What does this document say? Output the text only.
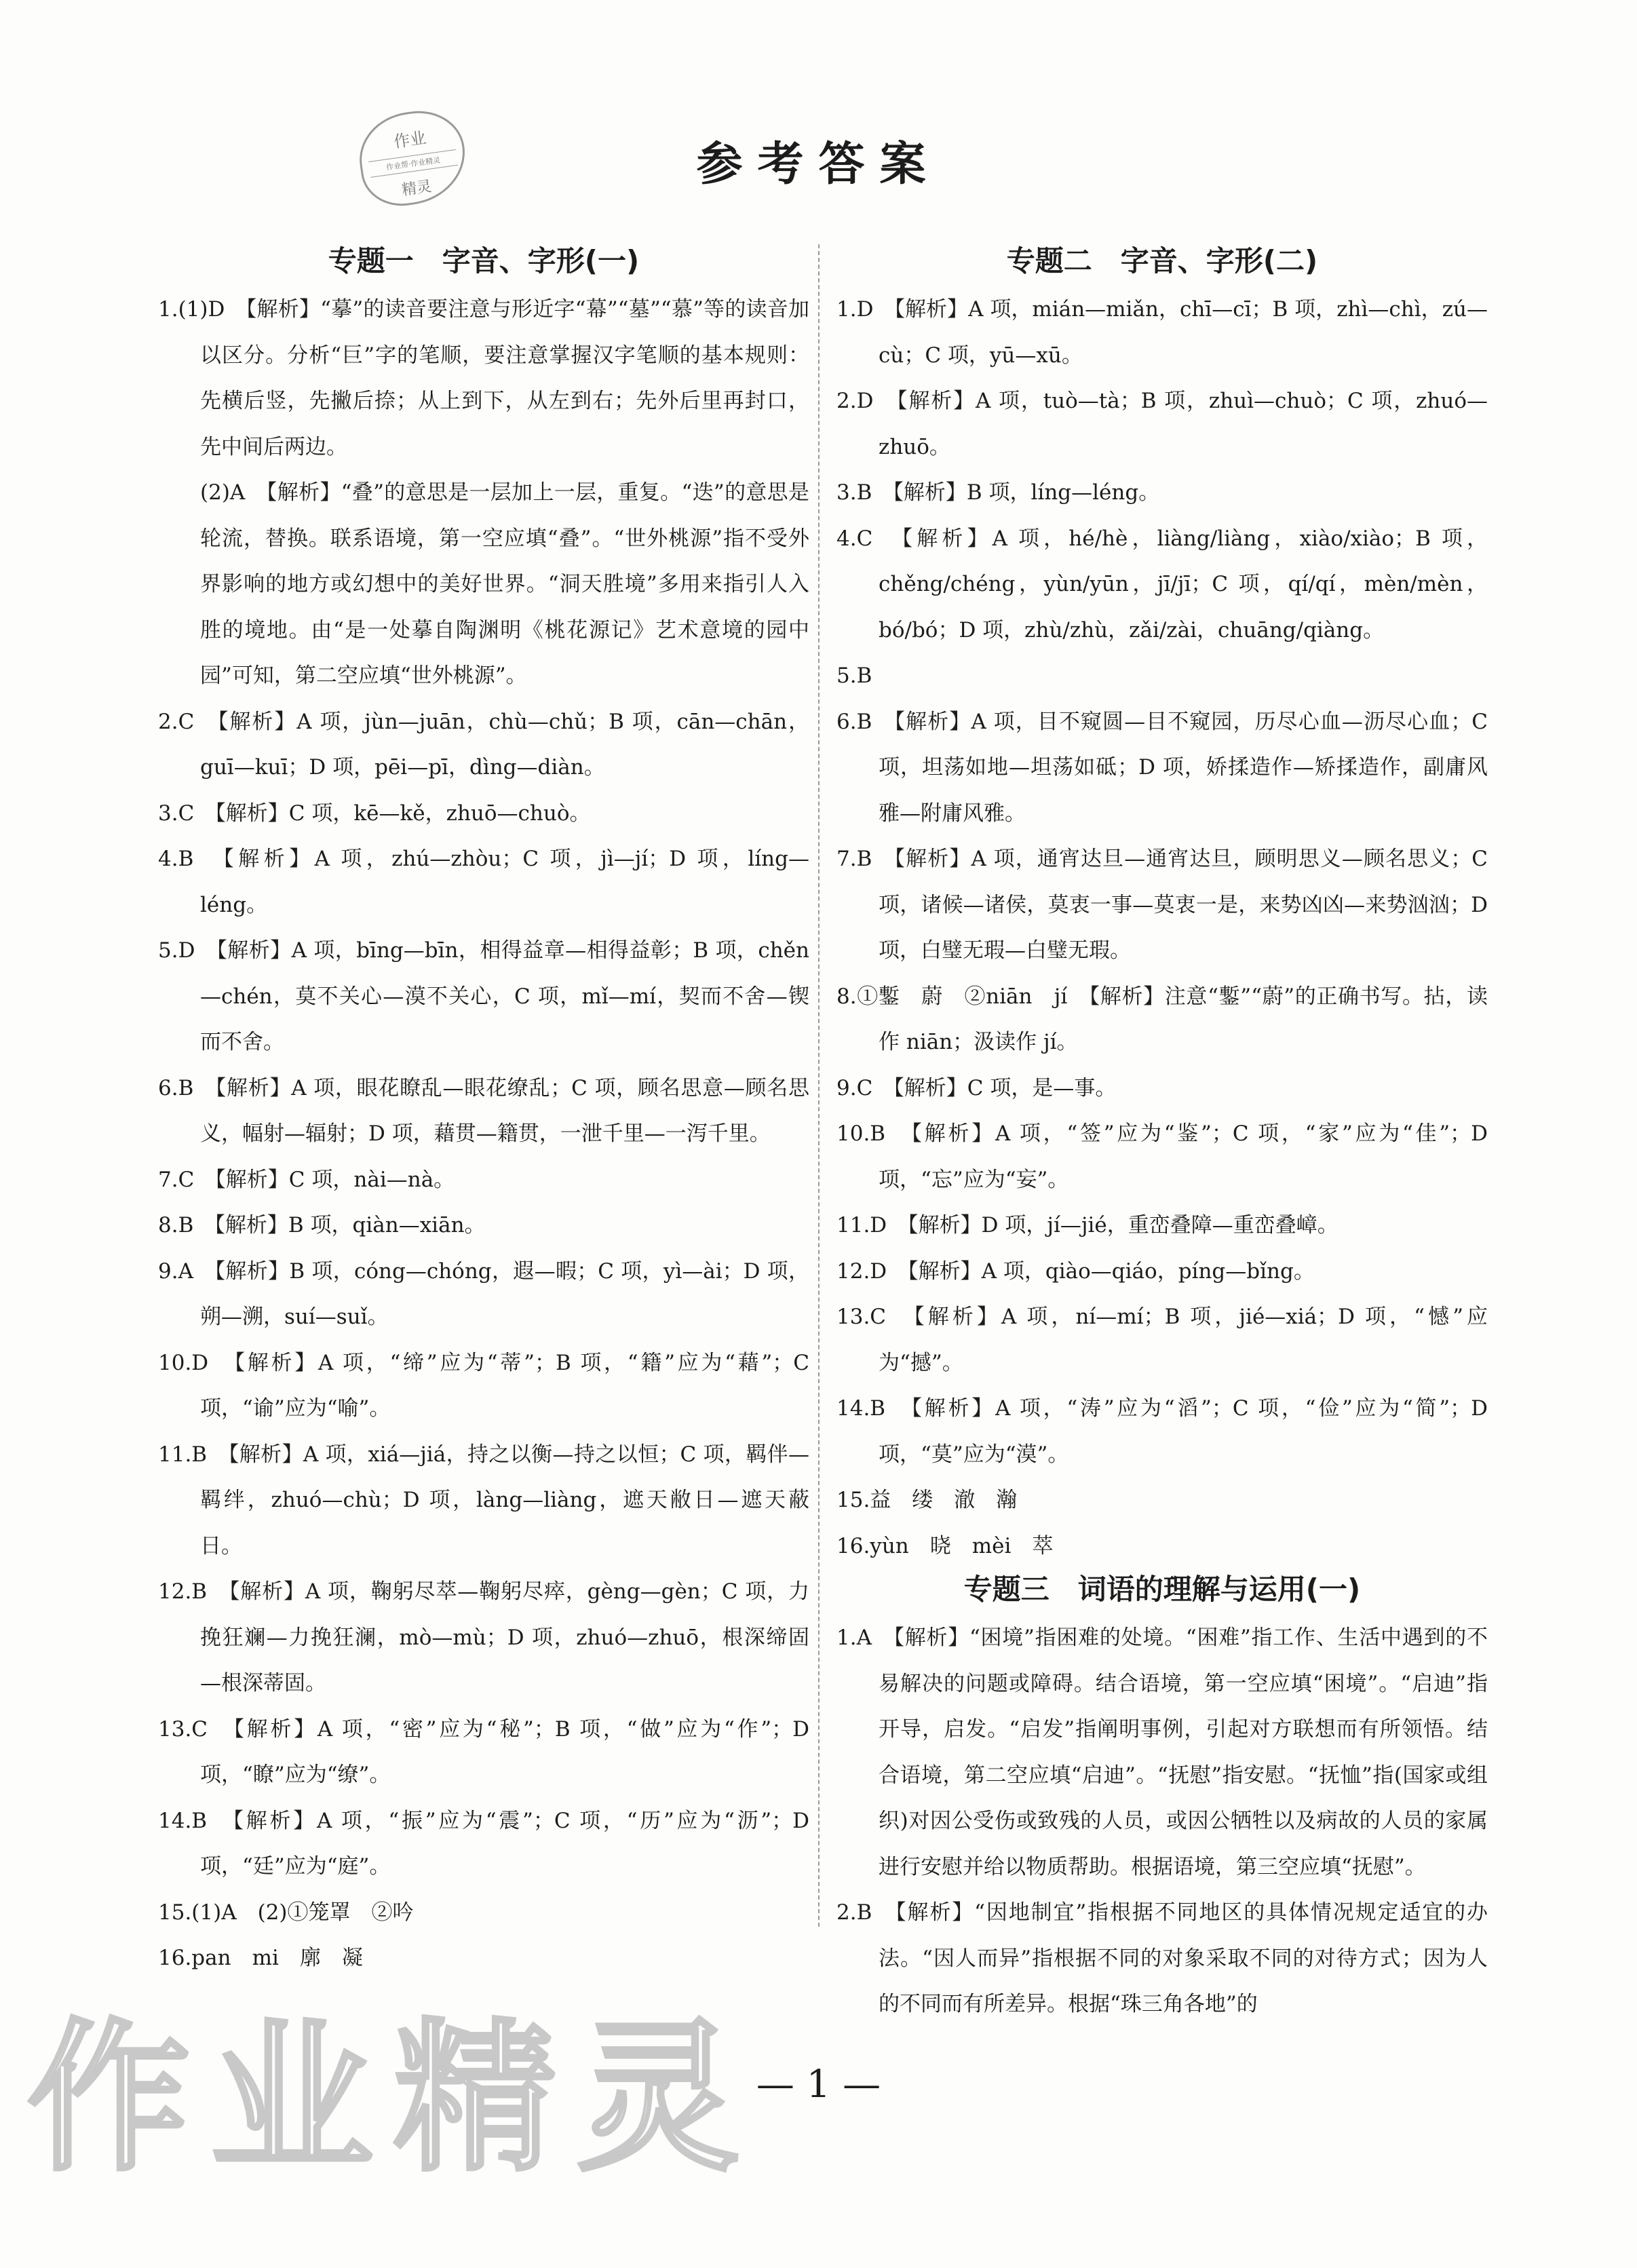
作业
作业帮·作业精灵
精灵	参考答案
专题一　字音、字形(一)
1.(1)D　【解析】“摹”的读音要注意与形近字“幕”“墓”“慕”等的读音加以区分。分析“巨”字的笔顺，要注意掌握汉字笔顺的基本规则：先横后竖，先撇后捺；从上到下，从左到右；先外后里再封口，先中间后两边。
(2)A　【解析】“叠”的意思是一层加上一层，重复。“迭”的意思是轮流，替换。联系语境，第一空应填“叠”。“世外桃源”指不受外界影响的地方或幻想中的美好世界。“洞天胜境”多用来指引人入胜的境地。由“是一处摹自陶渊明《桃花源记》艺术意境的园中园”可知，第二空应填“世外桃源”。
2.C　【解析】A 项，jùn—juān，chù—chǔ；B 项，cān—chān，guī—kuī；D 项，pēi—pī，dìng—diàn。
3.C　【解析】C 项，kē—kě，zhuō—chuò。
4.B　【解析】A 项，zhú—zhòu；C 项，jì—jí；D 项，líng—léng。
5.D　【解析】A 项，bīng—bīn，相得益章—相得益彰；B 项，chěn—chén，莫不关心—漠不关心，C 项，mǐ—mí，契而不舍—锲而不舍。
6.B　【解析】A 项，眼花瞭乱—眼花缭乱；C 项，顾名思意—顾名思义，幅射—辐射；D 项，藉贯—籍贯，一泄千里—一泻千里。
7.C　【解析】C 项，nài—nà。
8.B　【解析】B 项，qiàn—xiān。
9.A　【解析】B 项，cóng—chóng，遐—暇；C 项，yì—ài；D 项，朔—溯，suí—suǐ。
10.D　【解析】A 项，“缔”应为“蒂”；B 项，“籍”应为“藉”；C 项，“谕”应为“喻”。
11.B　【解析】A 项，xiá—jiá，持之以衡—持之以恒；C 项，羁伴—羁绊，zhuó—chù；D 项，làng—liàng，遮天敝日—遮天蔽日。
12.B　【解析】A 项，鞠躬尽萃—鞠躬尽瘁，gèng—gèn；C 项，力挽狂斓—力挽狂澜，mò—mù；D 项，zhuó—zhuō，根深缔固—根深蒂固。
13.C　【解析】A 项，“密”应为“秘”；B 项，“做”应为“作”；D 项，“瞭”应为“缭”。
14.B　【解析】A 项，“振”应为“震”；C 项，“历”应为“沥”；D 项，“廷”应为“庭”。
15.(1)A　(2)①笼罩　②吟
16.pan　mi　廓　凝
专题二　字音、字形(二)
1.D　【解析】A 项，mián—miǎn，chī—cī；B 项，zhì—chì，zú—cù；C 项，yū—xū。
2.D　【解析】A 项，tuò—tà；B 项，zhuì—chuò；C 项，zhuó—zhuō。
3.B　【解析】B 项，líng—léng。
4.C　【解析】A 项，hé/hè，liàng/liàng，xiào/xiào；B 项，chěng/chéng，yùn/yūn，jī/jī；C 项，qí/qí，mèn/mèn，bó/bó；D 项，zhù/zhù，zǎi/zài，chuāng/qiàng。
5.B
6.B　【解析】A 项，目不窥圆—目不窥园，历尽心血—沥尽心血；C 项，坦荡如地—坦荡如砥；D 项，娇揉造作—矫揉造作，副庸风雅—附庸风雅。
7.B　【解析】A 项，通宵达旦—通宵达旦，顾明思义—顾名思义；C 项，诸候—诸侯，莫衷一事—莫衷一是，来势凶凶—来势汹汹；D 项，白璧无瑕—白璧无瑕。
8.①鏨　蔚　②niān　jí　【解析】注意“鏨”“蔚”的正确书写。拈，读作 niān；汲读作 jí。
9.C　【解析】C 项，是—事。
10.B　【解析】A 项，“签”应为“鉴”；C 项，“家”应为“佳”；D 项，“忘”应为“妄”。
11.D　【解析】D 项，jí—jié，重峦叠障—重峦叠嶂。
12.D　【解析】A 项，qiào—qiáo，píng—bǐng。
13.C　【解析】A 项，ní—mí；B 项，jié—xiá；D 项，“憾”应为“撼”。
14.B　【解析】A 项，“涛”应为“滔”；C 项，“俭”应为“简”；D 项，“莫”应为“漠”。
15.益　缕　澈　瀚
16.yùn　晓　mèi　萃
专题三　词语的理解与运用(一)
1.A　【解析】“困境”指困难的处境。“困难”指工作、生活中遇到的不易解决的问题或障碍。结合语境，第一空应填“困境”。“启迪”指开导，启发。“启发”指阐明事例，引起对方联想而有所领悟。结合语境，第二空应填“启迪”。“抚慰”指安慰。“抚恤”指(国家或组织)对因公受伤或致残的人员，或因公牺牲以及病故的人员的家属进行安慰并给以物质帮助。根据语境，第三空应填“抚慰”。
2.B　【解析】“因地制宜”指根据不同地区的具体情况规定适宜的办法。“因人而异”指根据不同的对象采取不同的对待方式；因为人的不同而有所差异。根据“珠三角各地”的
作业精灵
— 1 —
